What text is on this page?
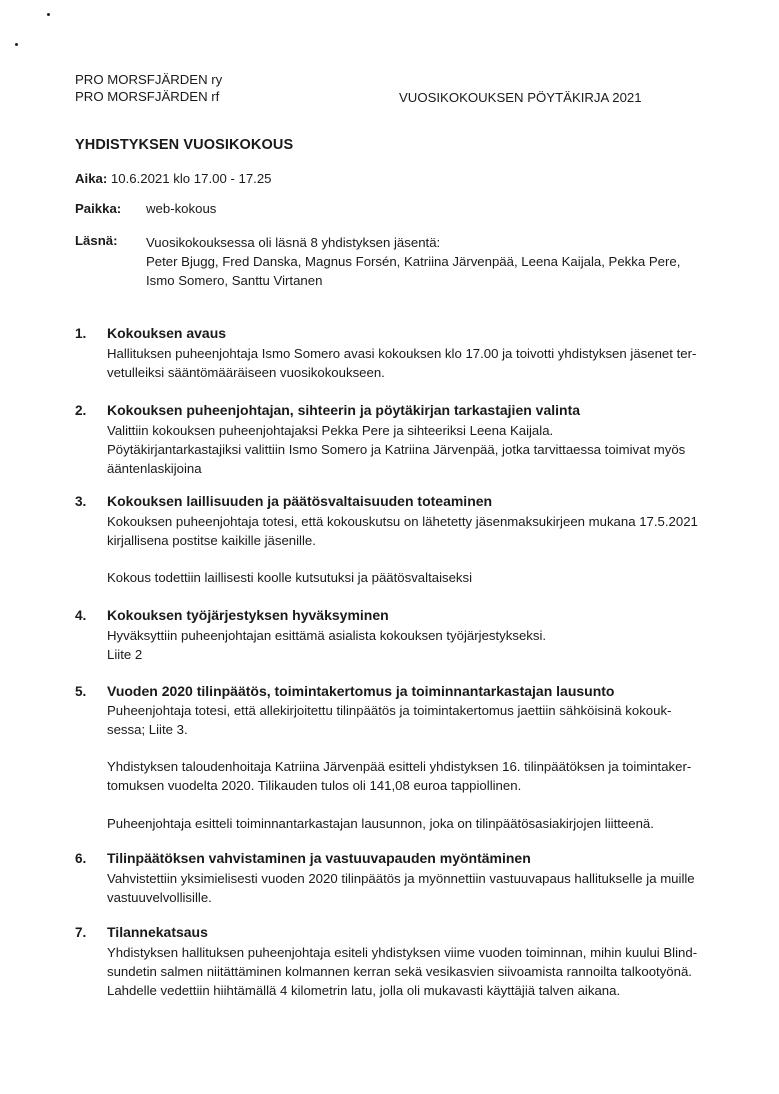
PRO MORSFJÄRDEN ry
PRO MORSFJÄRDEN rf	VUOSIKOKOUKSEN PÖYTÄKIRJA 2021
YHDISTYKSEN VUOSIKOKOUS
Aika: 10.6.2021 klo 17.00 - 17.25
Paikka: web-kokous
Läsnä: Vuosikokouksessa oli läsnä 8 yhdistyksen jäsentä:
Peter Bjugg, Fred Danska, Magnus Forsén, Katriina Järvenpää, Leena Kaijala, Pekka Pere,
Ismo Somero, Santtu Virtanen
1. Kokouksen avaus
Hallituksen puheenjohtaja Ismo Somero avasi kokouksen klo 17.00 ja toivotti yhdistyksen jäsenet ter-
vetulleiksi sääntömääräiseen vuosikokoukseen.
2. Kokouksen puheenjohtajan, sihteerin ja pöytäkirjan tarkastajien valinta
Valittiin kokouksen puheenjohtajaksi Pekka Pere ja sihteeriksi Leena Kaijala.
Pöytäkirjantarkastajiksi valittiin Ismo Somero ja Katriina Järvenpää, jotka tarvittaessa toimivat myös
ääntenlaskijoina
3. Kokouksen laillisuuden ja päätösvaltaisuuden toteaminen
Kokouksen puheenjohtaja totesi, että kokouskutsu on lähetetty jäsenmaksukirjeen mukana 17.5.2021
kirjallisena postitse kaikille jäsenille.
Kokous todettiin laillisesti koolle kutsutuksi ja päätösvaltaiseksi
4. Kokouksen työjärjestyksen hyväksyminen
Hyväksyttiin puheenjohtajan esittämä asialista kokouksen työjärjestykseksi.
Liite 2
5. Vuoden 2020 tilinpäätös, toimintakertomus ja toiminnantarkastajan lausunto
Puheenjohtaja totesi, että allekirjoitettu tilinpäätös ja toimintakertomus jaettiin sähköisinä kokouk-
sessa; Liite 3.
Yhdistyksen taloudenhoitaja Katriina Järvenpää esitteli yhdistyksen 16. tilinpäätöksen ja toimintaker-
tomuksen vuodelta 2020. Tilikauden tulos oli 141,08 euroa tappiollinen.
Puheenjohtaja esitteli toiminnantarkastajan lausunnon, joka on tilinpäätösasiakirjojen liitteenä.
6. Tilinpäätöksen vahvistaminen ja vastuuvapauden myöntäminen
Vahvistettiin yksimielisesti vuoden 2020 tilinpäätös ja myönnettiin vastuuvapaus hallitukselle ja muille
vastuuvelvollisille.
7. Tilannekatsaus
Yhdistyksen hallituksen puheenjohtaja esiteli yhdistyksen viime vuoden toiminnan, mihin kuului Blind-
sundetin salmen niitättäminen kolmannen kerran sekä vesikasvien siivoamista rannoilta talkootyönä.
Lahdelle vedettiin hiihtämällä 4 kilometrin latu, jolla oli mukavasti käyttäjiä talven aikana.
